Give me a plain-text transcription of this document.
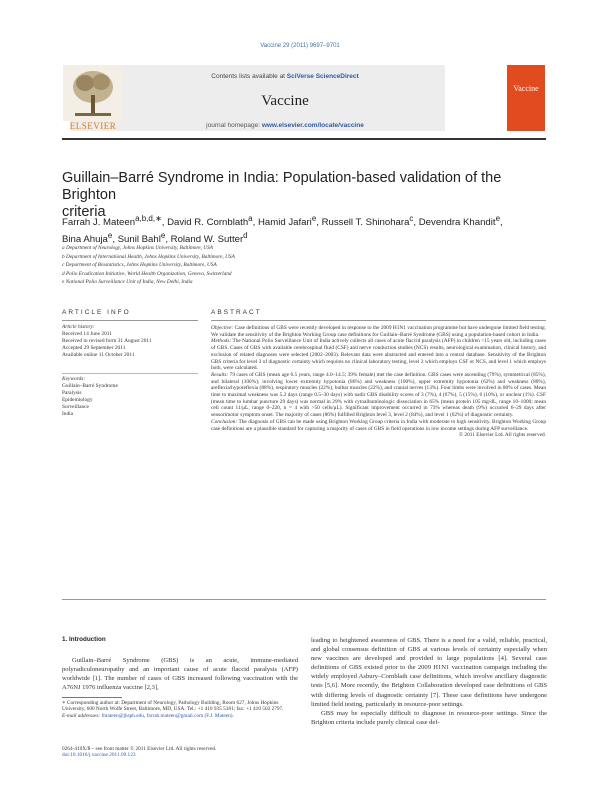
Vaccine 29 (2011) 9697–9701
ELSEVIER
Contents lists available at SciVerse ScienceDirect
Vaccine
journal homepage: www.elsevier.com/locate/vaccine
Vaccine
Guillain–Barré Syndrome in India: Population-based validation of the Brighton
criteria
Farrah J. Mateen$^{a,b,d,∗}$, David R. Cornblath$^a$, Hamid Jafari$^e$, Russell T. Shinohara$^c$, Devendra Khandit$^e$,
Bina Ahuja$^e$, Sunil Bahl$^e$, Roland W. Sutter$^d$
a Department of Neurology, Johns Hopkins University, Baltimore, USA
b Department of International Health, Johns Hopkins University, Baltimore, USA
c Department of Biostatistics, Johns Hopkins University, Baltimore, USA
d Polio Eradication Initiative, World Health Organization, Geneva, Switzerland
e National Polio Surveillance Unit of India, New Delhi, India
ARTICLE INFO	ABSTRACT
Article history:
Received 14 June 2011
Received in revised form 31 August 2011
Accepted 29 September 2011
Available online 11 October 2011
Keywords:
Guillain–Barré Syndrome
Paralysis
Epidemiology
Surveillance
India

Objective: Case definitions of GBS were recently developed in response to the 2009 H1N1 vaccination programme but have undergone limited field testing. We validate the sensitivity of the Brighton Working Group case definitions for Guillain–Barré Syndrome (GBS) using a population-based cohort in India.

Methods: The National Polio Surveillance Unit of India actively collects all cases of acute flaccid paralysis (AFP) in children <15 years old, including cases of GBS. Cases of GBS with available cerebrospinal fluid (CSF) and nerve conduction studies (NCS) results, neurological examination, clinical history, and exclusion of related diagnoses were selected (2002–2003). Relevant data were abstracted and entered into a central database. Sensitivity of the Brighton GBS criteria for level 3 of diagnostic certainty which requires no clinical laboratory testing, level 2 which employs CSF or NCS, and level 1 which employs both, were calculated.

Results: 79 cases of GBS (mean age 6.5 years, range 4.0–14.5; 39% female) met the case definition. GBS cases were ascending (79%), symmetrical (85%), and bilateral (100%); involving lower extremity hypotonia (86%) and weakness (100%), upper extremity hypotonia (62%) and weakness (80%), areflexia/hyporeflexia (88%), respiratory muscles (22%), bulbar muscles (22%), and cranial nerves (13%). Four limbs were involved in 80% of cases. Mean time to maximal weakness was 5.2 days (range 0.5–30 days) with nadir GBS disability scores of 3 (7%), 4 (67%), 5 (15%), 6 (10%), or unclear (1%). CSF (mean time to lumbar puncture 29 days) was normal in 29% with cytoalbuminologic dissociation in 65% (mean protein 105 mg/dL, range 10–1000; mean cell count 11/μL, range 0–220, n = 4 with >50 cells/μL). Significant improvement occurred in 73% whereas death (9%) occurred 6–29 days after sensorimotor symptom onset. The majority of cases (86%) fulfilled Brighton level 3, level 2 (84%), and level 1 (62%) of diagnostic certainty.

Conclusion: The diagnosis of GBS can be made using Brighton Working Group criteria in India with moderate to high sensitivity. Brighton Working Group case definitions are a plausible standard for capturing a majority of cases of GBS in field operations in low income settings during AFP surveillance.

© 2011 Elsevier Ltd. All rights reserved.

1. Introduction

Guillain–Barré Syndrome (GBS) is an acute, immune-mediated polyradiculoneuropathy and an important cause of acute flaccid paralysis (AFP) worldwide [1]. The number of cases of GBS increased following vaccination with the A76NJ 1976 influenza vaccine [2,3],

leading to heightened awareness of GBS. There is a need for a valid, reliable, practical, and global consensus definition of GBS at various levels of certainty especially when new vaccines are developed and provided to large populations [4]. Several case definitions of GBS existed prior to the 2009 H1N1 vaccination campaign including the widely employed Asbury–Cornblath case definitions, which involve ancillary diagnostic tests [5,6]. More recently, the Brighton Collaboration developed case definitions of GBS with differing levels of diagnostic certainty [7]. These case definitions have undergone limited field testing, particularly in resource-poor settings.

GBS may be especially difficult to diagnose in resource-poor settings. Since the Brighton criteria include purely clinical case def-

∗ Corresponding author at: Department of Neurology, Pathology Building, Room 627, Johns Hopkins University, 600 North Wolfe Street, Baltimore, MD, USA. Tel.: +1 410 935 5181; fax: +1 410 502 2797.
E-mail addresses: fmateen@jhsph.edu, farrah.mateen@gmail.com (F.J. Mateen).
0264-410X/$ – see front matter © 2011 Elsevier Ltd. All rights reserved.
doi:10.1016/j.vaccine.2011.09.123
